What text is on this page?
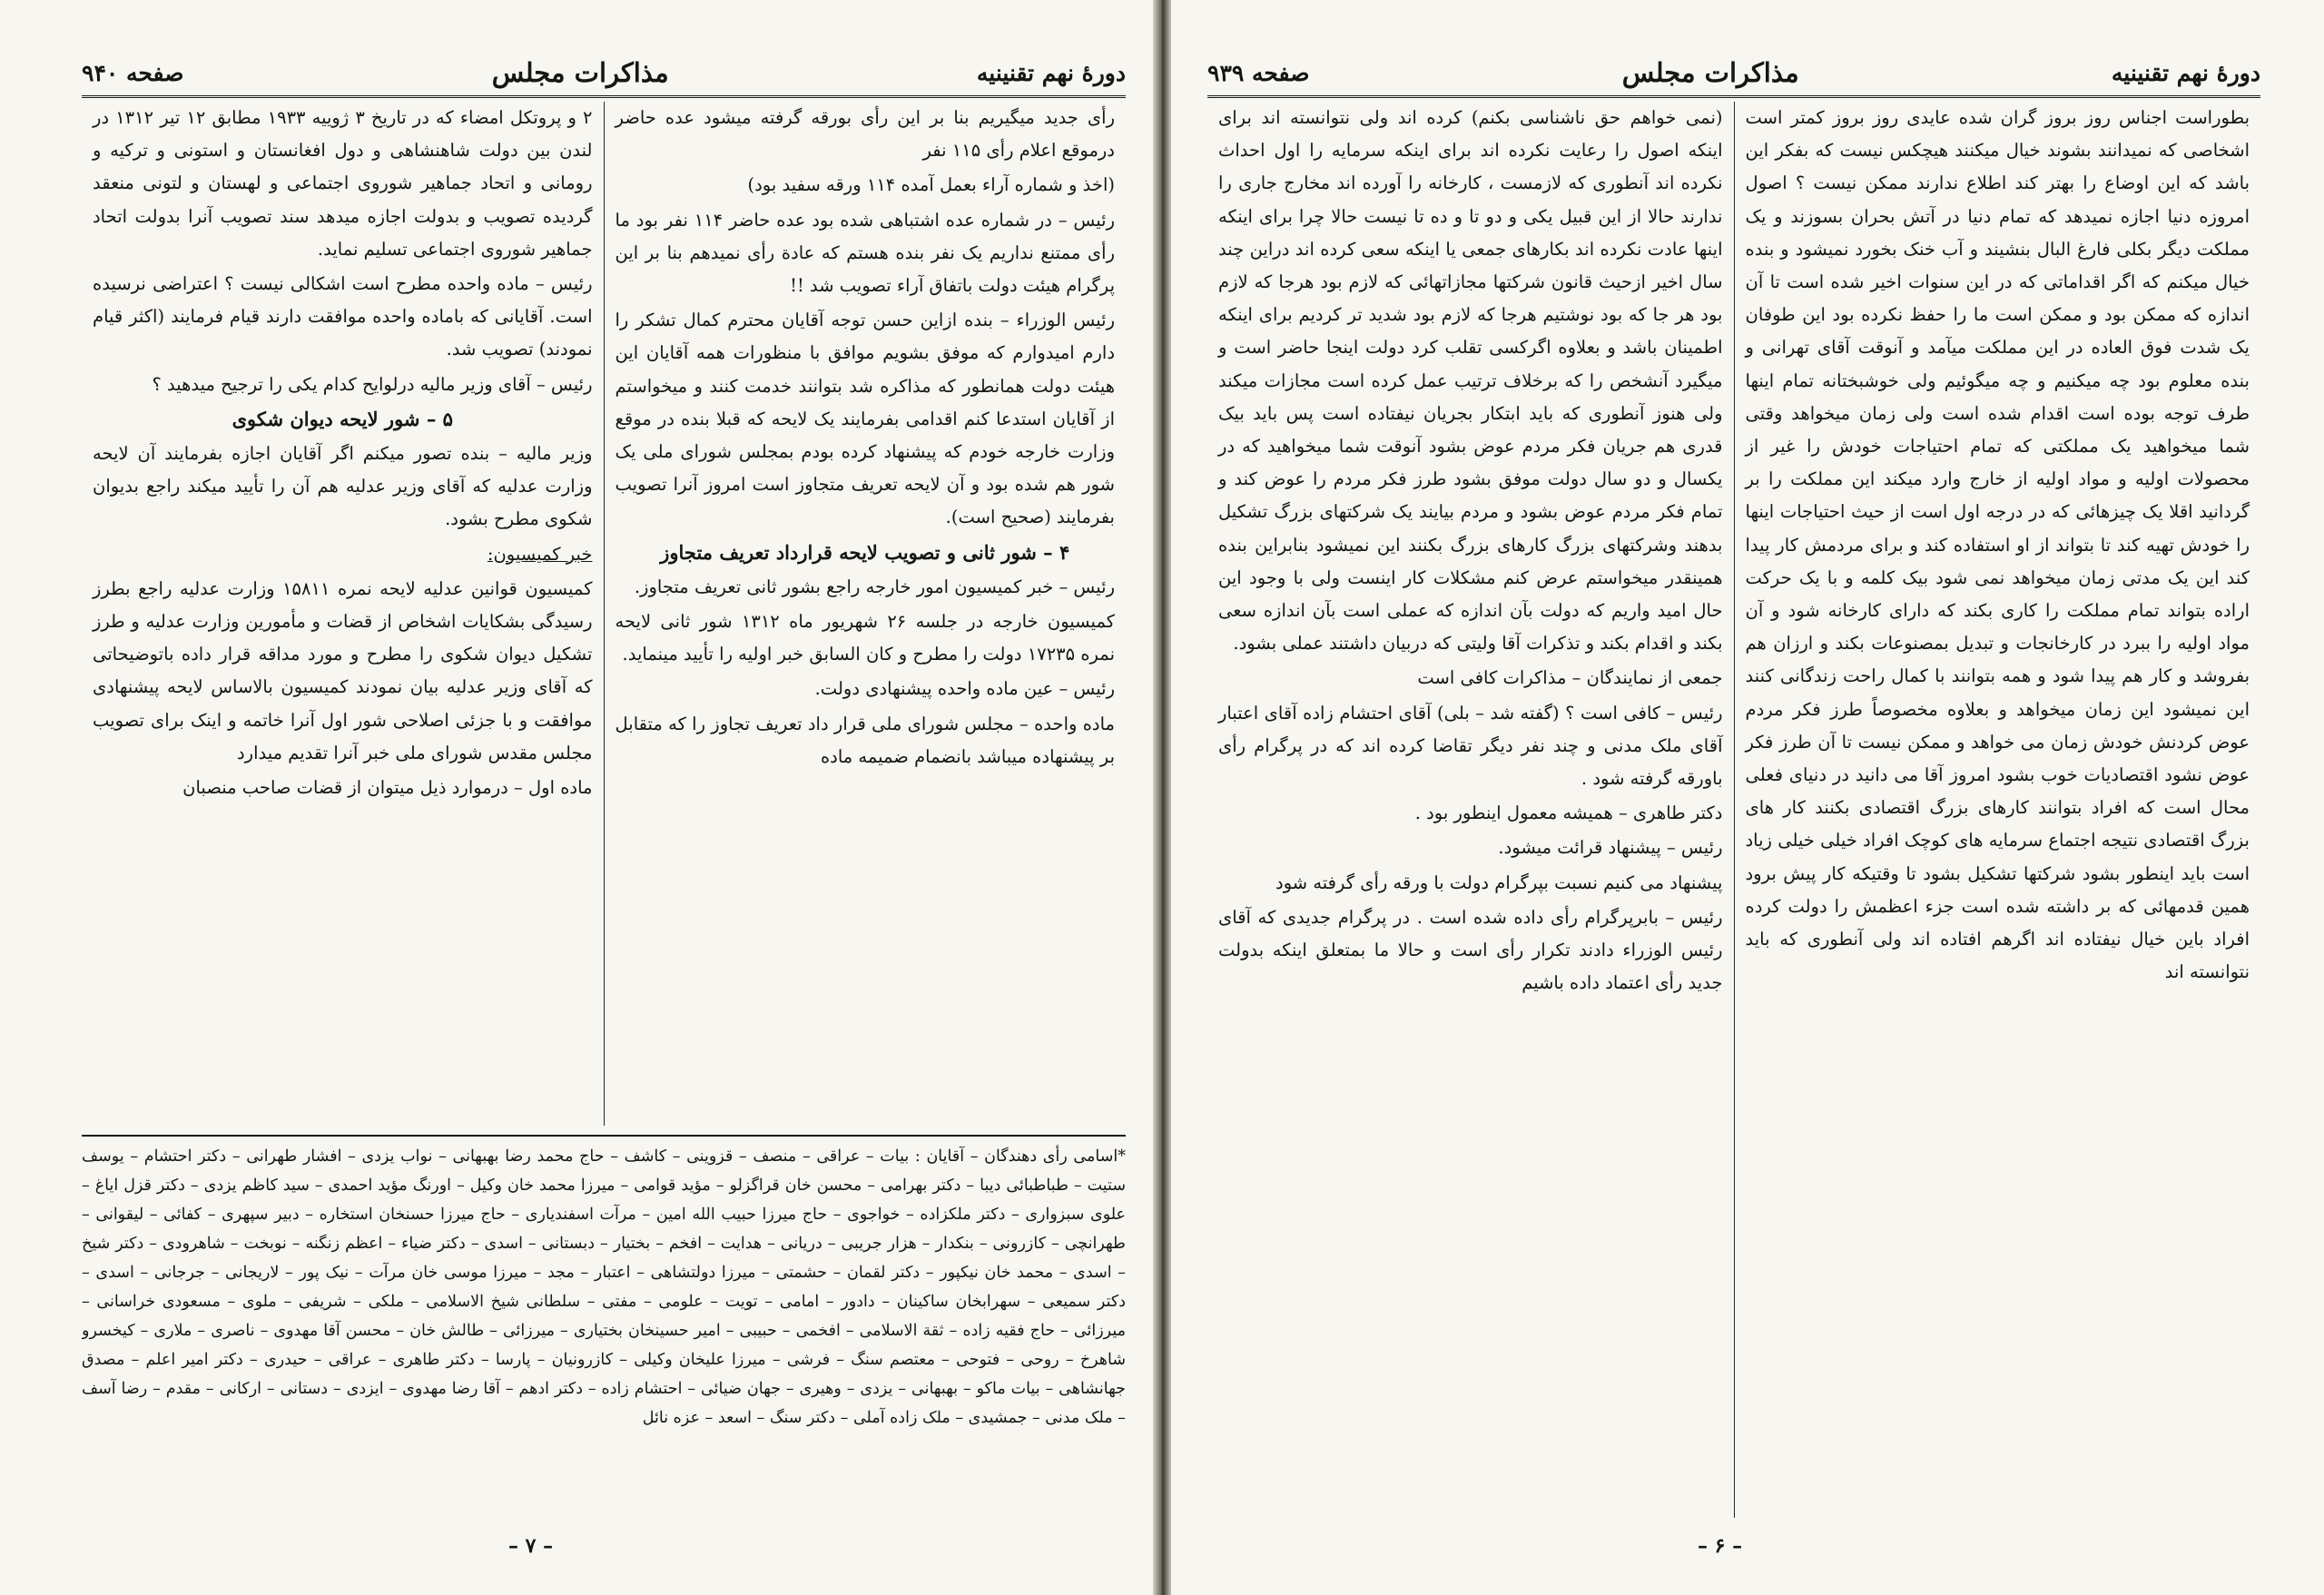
دورهٔ نهم تقنینیه
مذاکرات مجلس
صفحه ۹۴۰

رأی جدید میگیریم بنا بر این رأی بورقه گرفته میشود عده حاضر درموقع اعلام رأی ۱۱۵ نفر

(اخذ و شماره آراء بعمل آمده ۱۱۴ ورقه سفید بود)

رئیس – در شماره عده اشتباهی شده بود عده حاضر ۱۱۴ نفر بود ما رأی ممتنع نداریم یک نفر بنده هستم که عادة رأی نمیدهم بنا بر این پرگرام هیئت دولت باتفاق آراء تصویب شد !!

رئیس الوزراء – بنده ازاین حسن توجه آقایان محترم کمال تشکر را دارم امیدوارم که موفق بشویم موافق با منظورات همه آقایان این هیئت دولت همانطور که مذاکره شد بتوانند خدمت کنند و میخواستم از آقایان استدعا کنم اقدامی بفرمایند یک لایحه که قبلا بنده در موقع وزارت خارجه خودم که پیشنهاد کرده بودم بمجلس شورای ملی یک شور هم شده بود و آن لایحه تعریف متجاوز است امروز آنرا تصویب بفرمایند (صحیح است).

۴ – شور ثانی و تصویب لایحه قرارداد تعریف متجاوز

رئیس – خبر کمیسیون امور خارجه راجع بشور ثانی تعریف متجاوز.

کمیسیون خارجه در جلسه ۲۶ شهریور ماه ۱۳۱۲ شور ثانی لایحه نمره ۱۷۲۳۵ دولت را مطرح و کان السابق خبر اولیه را تأیید مینماید.

رئیس – عین ماده واحده پیشنهادی دولت.

ماده واحده – مجلس شورای ملی قرار داد تعریف تجاوز را که متقابل بر پیشنهاده میباشد بانضمام ضمیمه ماده

۲ و پروتکل امضاء که در تاریخ ۳ ژوییه ۱۹۳۳ مطابق ۱۲ تیر ۱۳۱۲ در لندن بین دولت شاهنشاهی و دول افغانستان و استونی و ترکیه و رومانی و اتحاد جماهیر شوروی اجتماعی و لهستان و لتونی منعقد گردیده تصویب و بدولت اجازه میدهد سند تصویب آنرا بدولت اتحاد جماهیر شوروی اجتماعی تسلیم نماید.

رئیس – ماده واحده مطرح است اشکالی نیست ؟ اعتراضی نرسیده است. آقایانی که باماده واحده موافقت دارند قیام فرمایند (اکثر قیام نمودند) تصویب شد.

رئیس – آقای وزیر مالیه درلوایح کدام یکی را ترجیح میدهید ؟

۵ – شور لایحه دیوان شکوی

وزیر مالیه – بنده تصور میکنم اگر آقایان اجازه بفرمایند آن لایحه وزارت عدلیه که آقای وزیر عدلیه هم آن را تأیید میکند راجع بدیوان شکوی مطرح بشود.

خبر کمیسیون:

کمیسیون قوانین عدلیه لایحه نمره ۱۵۸۱۱ وزارت عدلیه راجع بطرز رسیدگی بشکایات اشخاص از قضات و مأمورین وزارت عدلیه و طرز تشکیل دیوان شکوی را مطرح و مورد مداقه قرار داده باتوضیحاتی که آقای وزیر عدلیه بیان نمودند کمیسیون بالاساس لایحه پیشنهادی موافقت و با جزئی اصلاحی شور اول آنرا خاتمه و اینک برای تصویب مجلس مقدس شورای ملی خبر آنرا تقدیم میدارد

ماده اول – درموارد ذیل میتوان از قضات صاحب منصبان

*اسامی رأی دهندگان – آقایان : بیات – عراقی – منصف – قزوینی – کاشف – حاج محمد رضا بهبهانی – نواب یزدی – افشار طهرانی – دکتر احتشام – یوسف ستیت – طباطبائی دیبا – دکتر بهرامی – محسن خان قراگزلو – مؤید قوامی – میرزا محمد خان وکیل – اورنگ مؤید احمدی – سید کاظم یزدی – دکتر قزل ایاغ – علوی سبزواری – دکتر ملکزاده – خواجوی – حاج میرزا حبیب الله امین – مرآت اسفندیاری – حاج میرزا حسنخان استخاره – دبیر سپهری – کفائی – لیقوانی – طهرانچی – کازرونی – بنکدار – هزار جریبی – دریانی – هدایت – افخم – بختیار – دبستانی – اسدی – دکتر ضیاء – اعظم زنگنه – نوبخت – شاهرودی – دکتر شیخ – اسدی – محمد خان نیکپور – دکتر لقمان – حشمتی – میرزا دولتشاهی – اعتبار – مجد – میرزا موسی خان مرآت – نیک پور – لاریجانی – جرجانی – اسدی – دکتر سمیعی – سهرابخان ساکینان – دادور – امامی – تویت – علومی – مفتی – سلطانی شیخ الاسلامی – ملکی – شریفی – ملوی – مسعودی خراسانی – میرزائی – حاج فقیه زاده – ثقة الاسلامی – افخمی – حبیبی – امیر حسینخان بختیاری – میرزائی – طالش خان – محسن آقا مهدوی – ناصری – ملاری – کیخسرو شاهرخ – روحی – فتوحی – معتصم سنگ – فرشی – میرزا علیخان وکیلی – کازرونیان – پارسا – دکتر طاهری – عراقی – حیدری – دکتر امیر اعلم – مصدق جهانشاهی – بیات ماکو – بهبهانی – یزدی – وهیری – جهان ضیائی – احتشام زاده – دکتر ادهم – آقا رضا مهدوی – ایزدی – دستانی – ارکانی – مقدم – رضا آسف – ملک مدنی – جمشیدی – ملک زاده آملی – دکتر سنگ – اسعد – عزه نائل
– ۷ –
دورهٔ نهم تقنینیه
مذاکرات مجلس
صفحه ۹۳۹

بطوراست اجناس روز بروز گران شده عایدی روز بروز کمتر است اشخاصی که نمیدانند بشوند خیال میکنند هیچکس نیست که بفکر این باشد که این اوضاع را بهتر کند اطلاع ندارند ممکن نیست ؟ اصول امروزه دنیا اجازه نمیدهد که تمام دنیا در آتش بحران بسوزند و یک مملکت دیگر بکلی فارغ البال بنشیند و آب خنک بخورد نمیشود و بنده خیال میکنم که اگر اقداماتی که در این سنوات اخیر شده است تا آن اندازه که ممکن بود و ممکن است ما را حفظ نکرده بود این طوفان یک شدت فوق العاده در این مملکت میآمد و آنوقت آقای تهرانی و بنده معلوم بود چه میکنیم و چه میگوئیم ولی خوشبختانه تمام اینها طرف توجه بوده است اقدام شده است ولی زمان میخواهد وقتی شما میخواهید یک مملکتی که تمام احتیاجات خودش را غیر از محصولات اولیه و مواد اولیه از خارج وارد میکند این مملکت را بر گردانید اقلا یک چیزهائی که در درجه اول است از حیث احتیاجات اینها را خودش تهیه کند تا بتواند از او استفاده کند و برای مردمش کار پیدا کند این یک مدتی زمان میخواهد نمی شود بیک کلمه و با یک حرکت اراده بتواند تمام مملکت را کاری بکند که دارای کارخانه شود و آن مواد اولیه را ببرد در کارخانجات و تبدیل بمصنوعات بکند و ارزان هم بفروشد و کار هم پیدا شود و همه بتوانند با کمال راحت زندگانی کنند این نمیشود این زمان میخواهد و بعلاوه مخصوصاً طرز فکر مردم عوض کردنش خودش زمان می خواهد و ممکن نیست تا آن طرز فکر عوض نشود اقتصادیات خوب بشود امروز آقا می دانید در دنیای فعلی محال است که افراد بتوانند کارهای بزرگ اقتصادی بکنند کار های بزرگ اقتصادی نتیجه اجتماع سرمایه های کوچک افراد خیلی خیلی زیاد است باید اینطور بشود شرکتها تشکیل بشود تا وقتیکه کار پیش برود همین قدمهائی که بر داشته شده است جزء اعظمش را دولت کرده افراد باین خیال نیفتاده اند اگرهم افتاده اند ولی آنطوری که باید نتوانسته اند

(نمی خواهم حق ناشناسی بکنم) کرده اند ولی نتوانسته اند برای اینکه اصول را رعایت نکرده اند برای اینکه سرمایه را اول احداث نکرده اند آنطوری که لازمست ، کارخانه را آورده اند مخارج جاری را ندارند حالا از این قبیل یکی و دو تا و ده تا نیست حالا چرا برای اینکه اینها عادت نکرده اند بکارهای جمعی یا اینکه سعی کرده اند دراین چند سال اخیر ازحیث قانون شرکتها مجازاتهائی که لازم بود هرجا که لازم بود هر جا که بود نوشتیم هرجا که لازم بود شدید تر کردیم برای اینکه اطمینان باشد و بعلاوه اگرکسی تقلب کرد دولت اینجا حاضر است و میگیرد آنشخص را که برخلاف ترتیب عمل کرده است مجازات میکند ولی هنوز آنطوری که باید ابتکار بجریان نیفتاده است پس باید بیک قدری هم جریان فکر مردم عوض بشود آنوقت شما میخواهید که در یکسال و دو سال دولت موفق بشود طرز فکر مردم را عوض کند و تمام فکر مردم عوض بشود و مردم بیایند یک شرکتهای بزرگ تشکیل بدهند وشرکتهای بزرگ کارهای بزرگ بکنند این نمیشود بنابراین بنده همینقدر میخواستم عرض کنم مشکلات کار اینست ولی با وجود این حال امید واریم که دولت بآن اندازه که عملی است بآن اندازه سعی بکند و اقدام بکند و تذکرات آقا ولیتی که دربیان داشتند عملی بشود.

جمعی از نمایندگان – مذاکرات کافی است

رئیس – کافی است ؟ (گفته شد – بلی) آقای احتشام زاده آقای اعتبار آقای ملک مدنی و چند نفر دیگر تقاضا کرده اند که در پرگرام رأی باورقه گرفته شود .

دکتر طاهری – همیشه معمول اینطور بود .

رئیس – پیشنهاد قرائت میشود.

پیشنهاد می کنیم نسبت بپرگرام دولت با ورقه رأی گرفته شود

رئیس – بابرپرگرام رأی داده شده است . در پرگرام جدیدی که آقای رئیس الوزراء دادند تکرار رأی است و حالا ما بمتعلق اینکه بدولت جدید رأی اعتماد داده باشیم

– ۶ –
